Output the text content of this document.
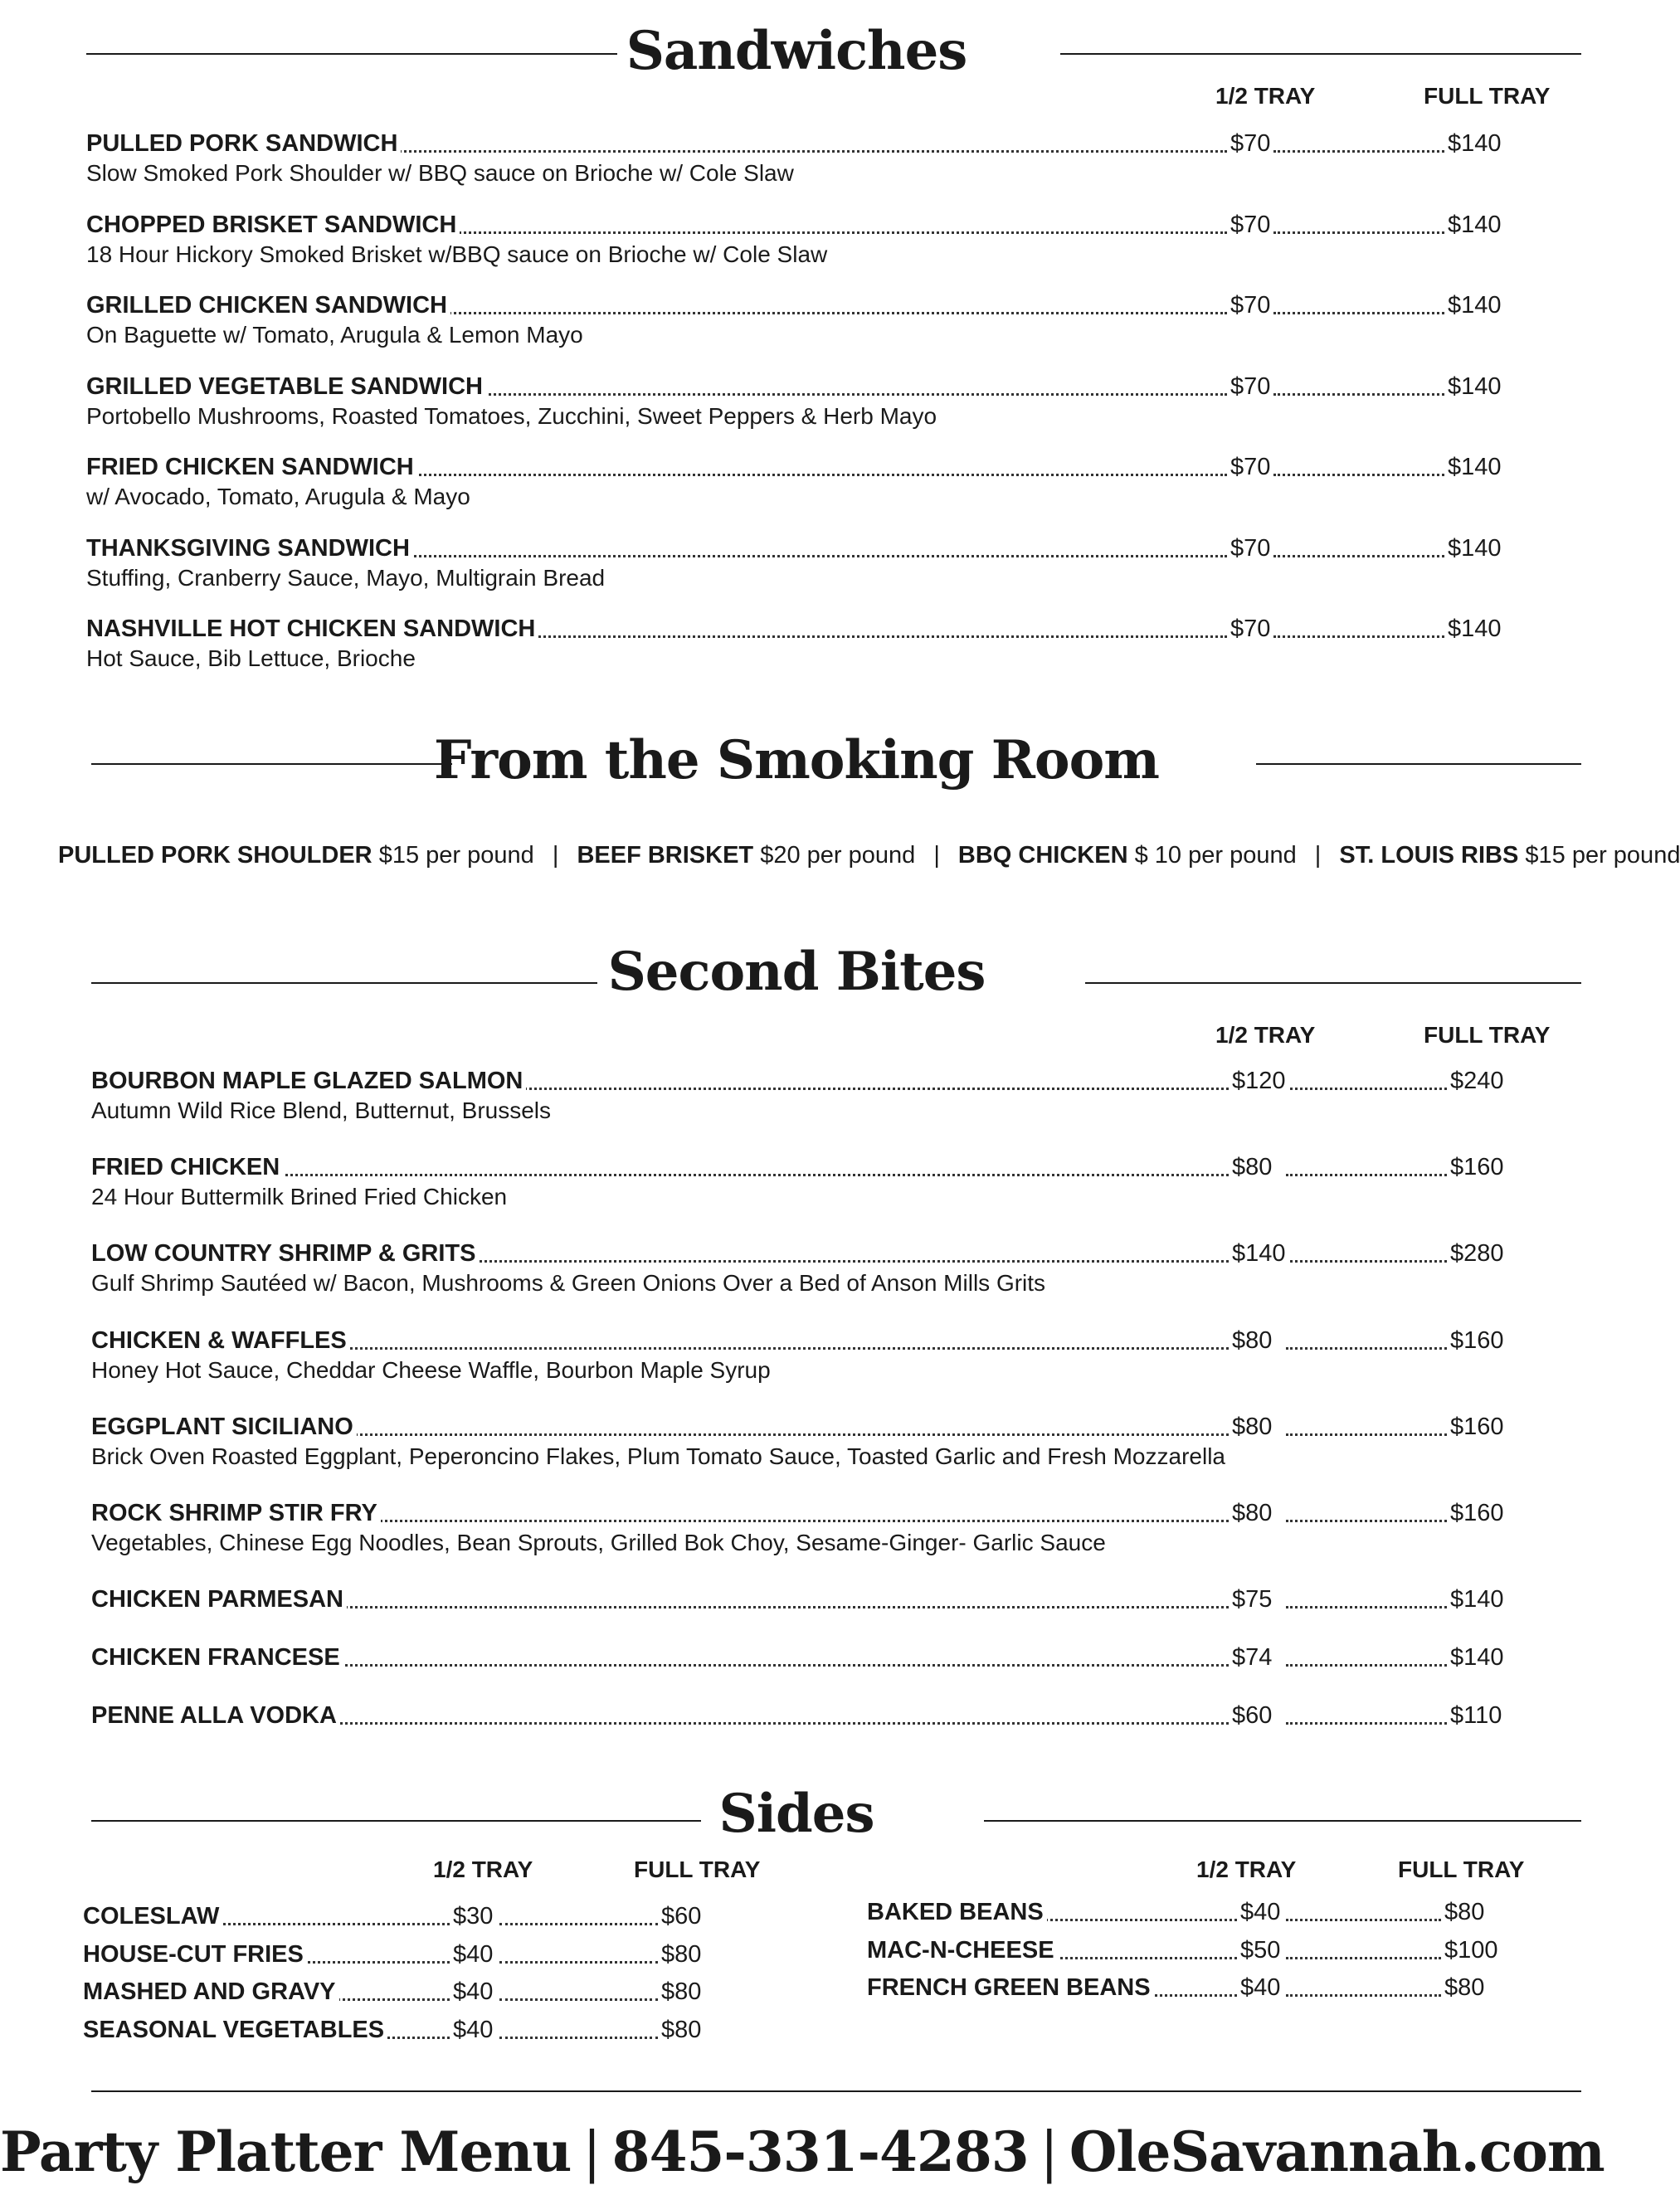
Sandwiches
1/2 TRAY	FULL TRAY
PULLED PORK SANDWICH	$70	$140
Slow Smoked Pork Shoulder w/ BBQ sauce on Brioche w/ Cole Slaw
CHOPPED BRISKET SANDWICH	$70	$140
18 Hour Hickory Smoked Brisket w/BBQ sauce on Brioche w/ Cole Slaw
GRILLED CHICKEN SANDWICH	$70	$140
On Baguette w/ Tomato, Arugula & Lemon Mayo
GRILLED VEGETABLE SANDWICH	$70	$140
Portobello Mushrooms, Roasted Tomatoes, Zucchini, Sweet Peppers & Herb Mayo
FRIED CHICKEN SANDWICH	$70	$140
w/ Avocado, Tomato, Arugula & Mayo
THANKSGIVING SANDWICH	$70	$140
Stuffing, Cranberry Sauce, Mayo, Multigrain Bread
NASHVILLE HOT CHICKEN SANDWICH	$70	$140
Hot Sauce, Bib Lettuce, Brioche
From the Smoking Room
PULLED PORK SHOULDER $15 per pound | BEEF BRISKET $20 per pound | BBQ CHICKEN $ 10 per pound | ST. LOUIS RIBS $15 per pound
Second Bites
1/2 TRAY	FULL TRAY
BOURBON MAPLE GLAZED SALMON	$120	$240
Autumn Wild Rice Blend, Butternut, Brussels
FRIED CHICKEN	$80	$160
24 Hour Buttermilk Brined Fried Chicken
LOW COUNTRY SHRIMP & GRITS	$140	$280
Gulf Shrimp Sautéed w/ Bacon, Mushrooms & Green Onions Over a Bed of Anson Mills Grits
CHICKEN & WAFFLES	$80	$160
Honey Hot Sauce, Cheddar Cheese Waffle, Bourbon Maple Syrup
EGGPLANT SICILIANO	$80	$160
Brick Oven Roasted Eggplant, Peperoncino Flakes, Plum Tomato Sauce, Toasted Garlic and Fresh Mozzarella
ROCK SHRIMP STIR FRY	$80	$160
Vegetables, Chinese Egg Noodles, Bean Sprouts, Grilled Bok Choy, Sesame-Ginger- Garlic Sauce
CHICKEN PARMESAN	$75	$140
CHICKEN FRANCESE	$74	$140
PENNE ALLA VODKA	$60	$110
Sides
1/2 TRAY	FULL TRAY	1/2 TRAY	FULL TRAY
COLESLAW	$30	$60
HOUSE-CUT FRIES	$40	$80
MASHED AND GRAVY	$40	$80
SEASONAL VEGETABLES	$40	$80
BAKED BEANS	$40	$80
MAC-N-CHEESE	$50	$100
FRENCH GREEN BEANS	$40	$80
Party Platter Menu | 845-331-4283 | OleSavannah.com
